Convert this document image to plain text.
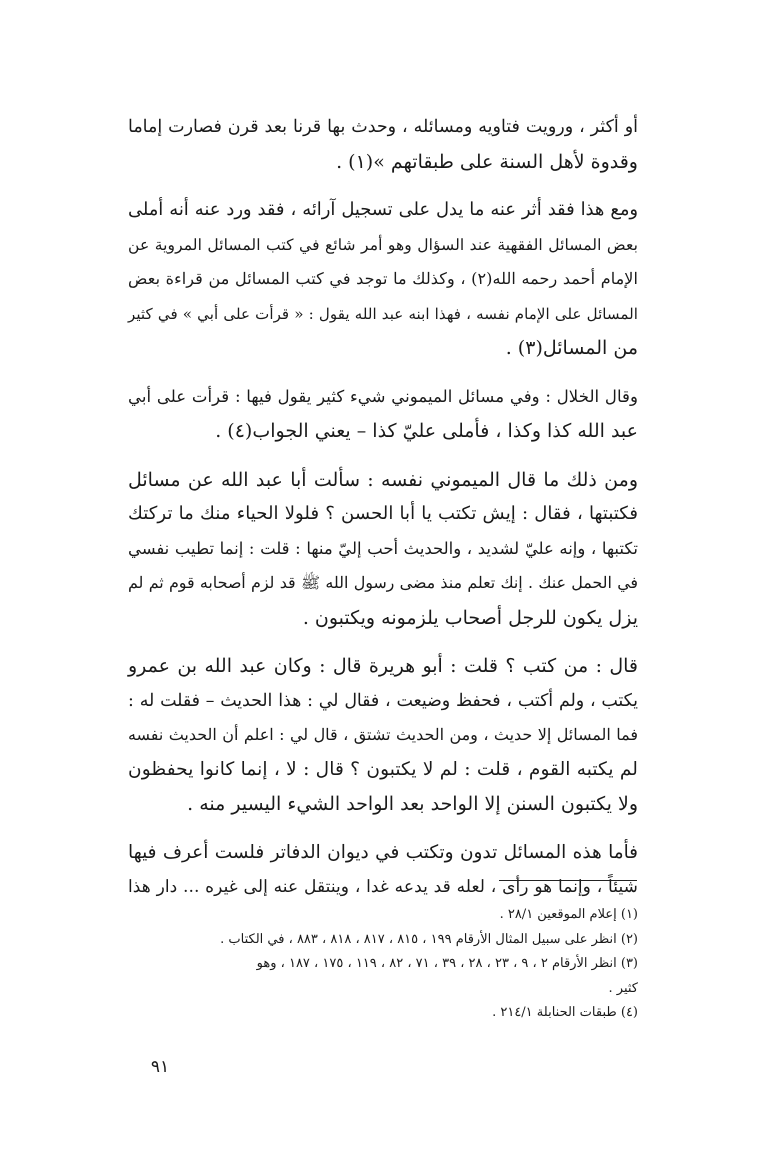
أو أكثر ، ورويت فتاويه ومسائله ، وحدث بها قرنا بعد قرن فصارت إماما
وقدوة لأهل السنة على طبقاتهم »(١) .

ومع هذا فقد أثر عنه ما يدل على تسجيل آرائه ، فقد ورد عنه أنه أملى
بعض المسائل الفقهية عند السؤال وهو أمر شائع في كتب المسائل المروية عن
الإمام أحمد رحمه الله(٢) ، وكذلك ما توجد في كتب المسائل من قراءة بعض
المسائل على الإمام نفسه ، فهذا ابنه عبد الله يقول : « قرأت على أبي » في كثير
من المسائل(٣) .

وقال الخلال : وفي مسائل الميموني شيء كثير يقول فيها : قرأت على أبي
عبد الله كذا وكذا ، فأملى عليّ كذا – يعني الجواب(٤) .

ومن ذلك ما قال الميموني نفسه : سألت أبا عبد الله عن مسائل
فكتبتها ، فقال : إيش تكتب يا أبا الحسن ؟ فلولا الحياء منك ما تركتك
تكتبها ، وإنه عليّ لشديد ، والحديث أحب إليّ منها : قلت : إنما تطيب نفسي
في الحمل عنك . إنك تعلم منذ مضى رسول الله ﷺ قد لزم أصحابه قوم ثم لم
يزل يكون للرجل أصحاب يلزمونه ويكتبون .

قال : من كتب ؟ قلت : أبو هريرة قال : وكان عبد الله بن عمرو
يكتب ، ولم أكتب ، فحفظ وضيعت ، فقال لي : هذا الحديث – فقلت له :
فما المسائل إلا حديث ، ومن الحديث تشتق ، قال لي : اعلم أن الحديث نفسه
لم يكتبه القوم ، قلت : لم لا يكتبون ؟ قال : لا ، إنما كانوا يحفظون
ولا يكتبون السنن إلا الواحد بعد الواحد الشيء اليسير منه .

فأما هذه المسائل تدون وتكتب في ديوان الدفاتر فلست أعرف فيها
شيئاً ، وإنما هو رأى ، لعله قد يدعه غدا ، وينتقل عنه إلى غيره ... دار هذا

(١) إعلام الموقعين ٢٨/١ .
(٢) انظر على سبيل المثال الأرقام ١٩٩ ، ٨١٥ ، ٨١٧ ، ٨١٨ ، ٨٨٣ ، في الكتاب .
(٣) انظر الأرقام ٢ ، ٩ ، ٢٣ ، ٢٨ ، ٣٩ ، ٧١ ، ٨٢ ، ١١٩ ، ١٧٥ ، ١٨٧ ، وهو
كثير .
(٤) طبقات الحنابلة ٢١٤/١ .
٩١
